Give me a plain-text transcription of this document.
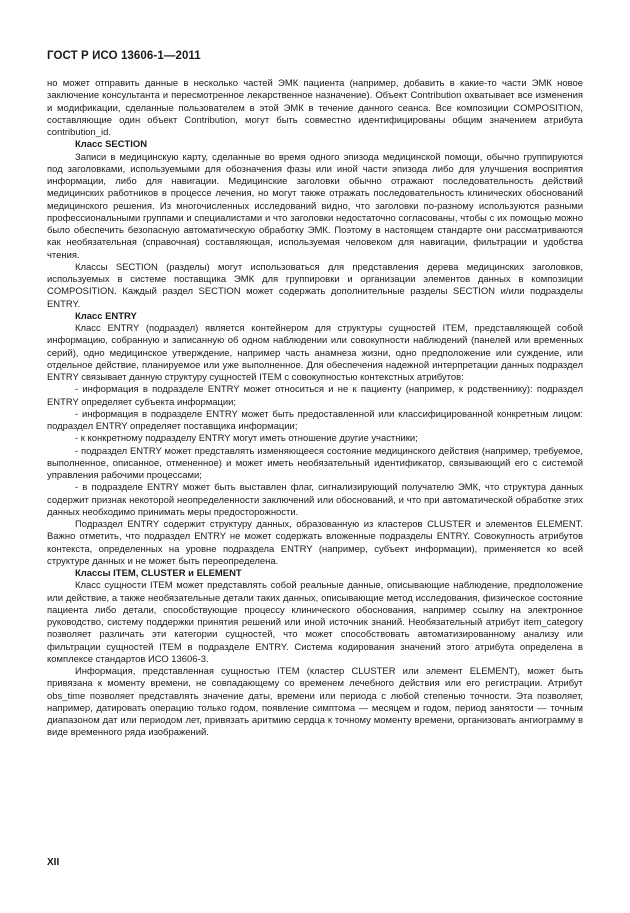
ГОСТ Р ИСО 13606-1—2011

но может отправить данные в несколько частей ЭМК пациента (например, добавить в какие-то части ЭМК новое заключение консультанта и пересмотренное лекарственное назначение). Объект Contribution охватывает все изменения и модификации, сделанные пользователем в этой ЭМК в течение данного сеанса. Все композиции COMPOSITION, составляющие один объект Contribution, могут быть совместно идентифицированы общим значением атрибута contribution_id.

Класс SECTION

Записи в медицинскую карту, сделанные во время одного эпизода медицинской помощи, обычно группируются под заголовками, используемыми для обозначения фазы или иной части эпизода либо для улучшения восприятия информации, либо для навигации. Медицинские заголовки обычно отражают последовательность действий медицинских работников в процессе лечения, но могут также отражать последовательность клинических обоснований медицинского решения. Из многочисленных исследований видно, что заголовки по-разному используются разными профессиональными группами и специалистами и что заголовки недостаточно согласованы, чтобы с их помощью можно было обеспечить безопасную автоматическую обработку ЭМК. Поэтому в настоящем стандарте они рассматриваются как необязательная (справочная) составляющая, используемая человеком для навигации, фильтрации и удобства чтения.

Классы SECTION (разделы) могут использоваться для представления дерева медицинских заголовков, используемых в системе поставщика ЭМК для группировки и организации элементов данных в композиции COMPOSITION. Каждый раздел SECTION может содержать дополнительные разделы SECTION и/или подразделы ENTRY.

Класс ENTRY

Класс ENTRY (подраздел) является контейнером для структуры сущностей ITEM, представляющей собой информацию, собранную и записанную об одном наблюдении или совокупности наблюдений (панелей или временных серий), одно медицинское утверждение, например часть анамнеза жизни, одно предположение или суждение, или отдельное действие, планируемое или уже выполненное. Для обеспечения надежной интерпретации данных подраздел ENTRY связывает данную структуру сущностей ITEM с совокупностью контекстных атрибутов:

- информация в подразделе ENTRY может относиться и не к пациенту (например, к родственнику): подраздел ENTRY определяет субъекта информации;

- информация в подразделе ENTRY может быть предоставленной или классифицированной конкретным лицом: подраздел ENTRY определяет поставщика информации;

- к конкретному подразделу ENTRY могут иметь отношение другие участники;

- подраздел ENTRY может представлять изменяющееся состояние медицинского действия (например, требуемое, выполненное, описанное, отмененное) и может иметь необязательный идентификатор, связывающий его с системой управления рабочими процессами;

- в подразделе ENTRY может быть выставлен флаг, сигнализирующий получателю ЭМК, что структура данных содержит признак некоторой неопределенности заключений или обоснований, и что при автоматической обработке этих данных необходимо принимать меры предосторожности.

Подраздел ENTRY содержит структуру данных, образованную из кластеров CLUSTER и элементов ELEMENT. Важно отметить, что подраздел ENTRY не может содержать вложенные подразделы ENTRY. Совокупность атрибутов контекста, определенных на уровне подраздела ENTRY (например, субъект информации), применяется ко всей структуре данных и не может быть переопределена.

Классы ITEM, CLUSTER и ELEMENT

Класс сущности ITEM может представлять собой реальные данные, описывающие наблюдение, предположение или действие, а также необязательные детали таких данных, описывающие метод исследования, физическое состояние пациента либо детали, способствующие процессу клинического обоснования, например ссылку на электронное руководство, систему поддержки принятия решений или иной источник знаний. Необязательный атрибут item_category позволяет различать эти категории сущностей, что может способствовать автоматизированному анализу или фильтрации сущностей ITEM в подразделе ENTRY. Система кодирования значений этого атрибута определена в комплексе стандартов ИСО 13606-3.

Информация, представленная сущностью ITEM (кластер CLUSTER или элемент ELEMENT), может быть привязана к моменту времени, не совпадающему со временем лечебного действия или его регистрации. Атрибут obs_time позволяет представлять значение даты, времени или периода с любой степенью точности. Эта позволяет, например, датировать операцию только годом, появление симптома — месяцем и годом, период занятости — точным диапазоном дат или периодом лет, привязать аритмию сердца к точному моменту времени, организовать ангиограмму в виде временного ряда изображений.

XII
